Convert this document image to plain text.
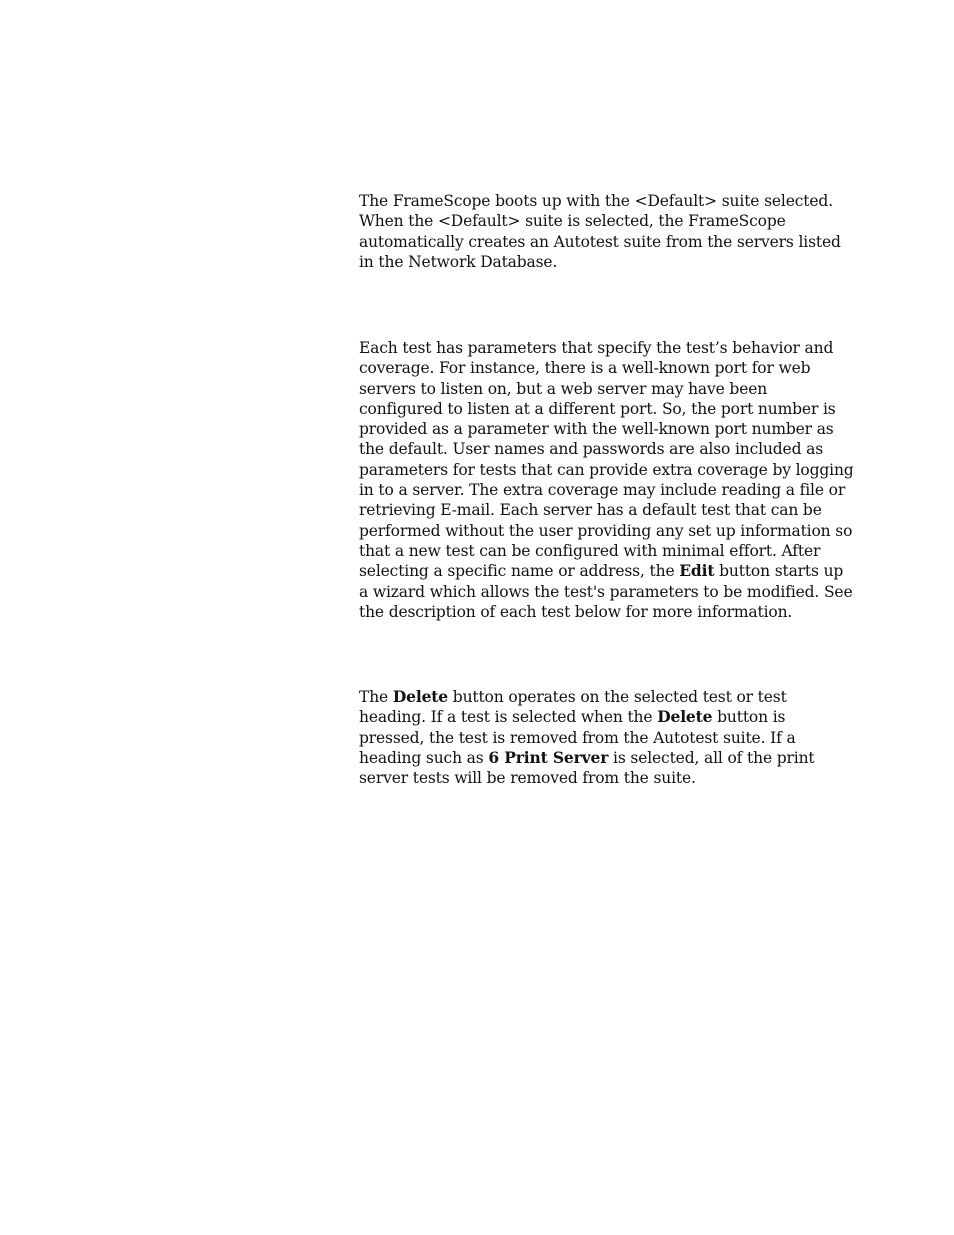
The FrameScope boots up with the <Default> suite selected. When the <Default> suite is selected, the FrameScope automatically creates an Autotest suite from the servers listed in the Network Database.

Each test has parameters that specify the test’s behavior and coverage. For instance, there is a well-known port for web servers to listen on, but a web server may have been configured to listen at a different port. So, the port number is provided as a parameter with the well-known port number as the default. User names and passwords are also included as parameters for tests that can provide extra coverage by logging in to a server. The extra coverage may include reading a file or retrieving E-mail. Each server has a default test that can be performed without the user providing any set up information so that a new test can be configured with minimal effort. After selecting a specific name or address, the Edit button starts up a wizard which allows the test's parameters to be modified. See the description of each test below for more information.

The Delete button operates on the selected test or test heading. If a test is selected when the Delete button is pressed, the test is removed from the Autotest suite. If a heading such as 6 Print Server is selected, all of the print server tests will be removed from the suite.
